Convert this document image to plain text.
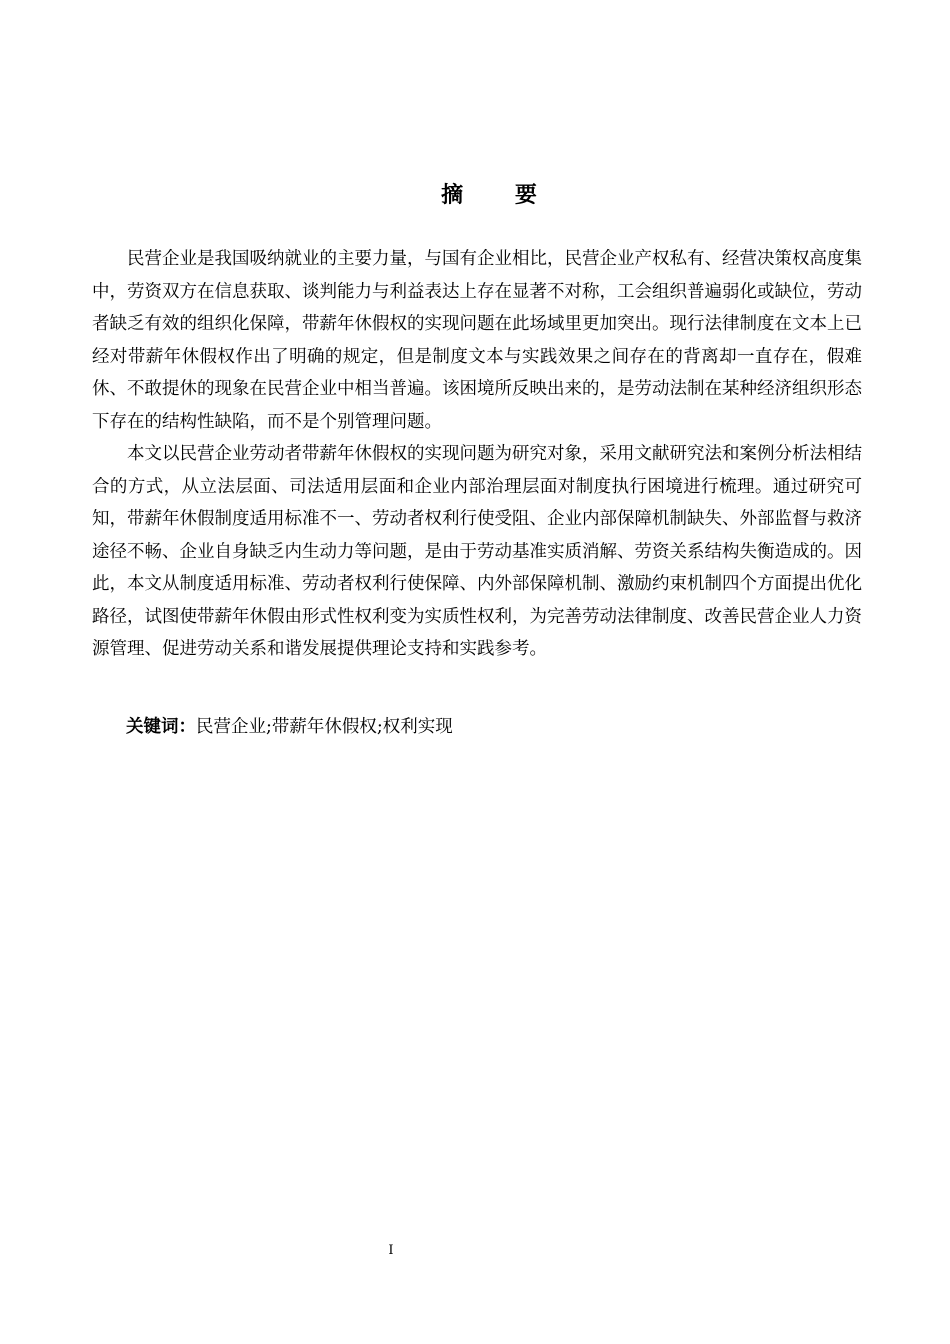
摘 要

民营企业是我国吸纳就业的主要力量，与国有企业相比，民营企业产权私有、经营决策权高度集中，劳资双方在信息获取、谈判能力与利益表达上存在显著不对称，工会组织普遍弱化或缺位，劳动者缺乏有效的组织化保障，带薪年休假权的实现问题在此场域里更加突出。现行法律制度在文本上已经对带薪年休假权作出了明确的规定，但是制度文本与实践效果之间存在的背离却一直存在，假难休、不敢提休的现象在民营企业中相当普遍。该困境所反映出来的，是劳动法制在某种经济组织形态下存在的结构性缺陷，而不是个别管理问题。

本文以民营企业劳动者带薪年休假权的实现问题为研究对象，采用文献研究法和案例分析法相结合的方式，从立法层面、司法适用层面和企业内部治理层面对制度执行困境进行梳理。通过研究可知，带薪年休假制度适用标准不一、劳动者权利行使受阻、企业内部保障机制缺失、外部监督与救济途径不畅、企业自身缺乏内生动力等问题，是由于劳动基准实质消解、劳资关系结构失衡造成的。因此，本文从制度适用标准、劳动者权利行使保障、内外部保障机制、激励约束机制四个方面提出优化路径，试图使带薪年休假由形式性权利变为实质性权利，为完善劳动法律制度、改善民营企业人力资源管理、促进劳动关系和谐发展提供理论支持和实践参考。

关键词：民营企业;带薪年休假权;权利实现

I
